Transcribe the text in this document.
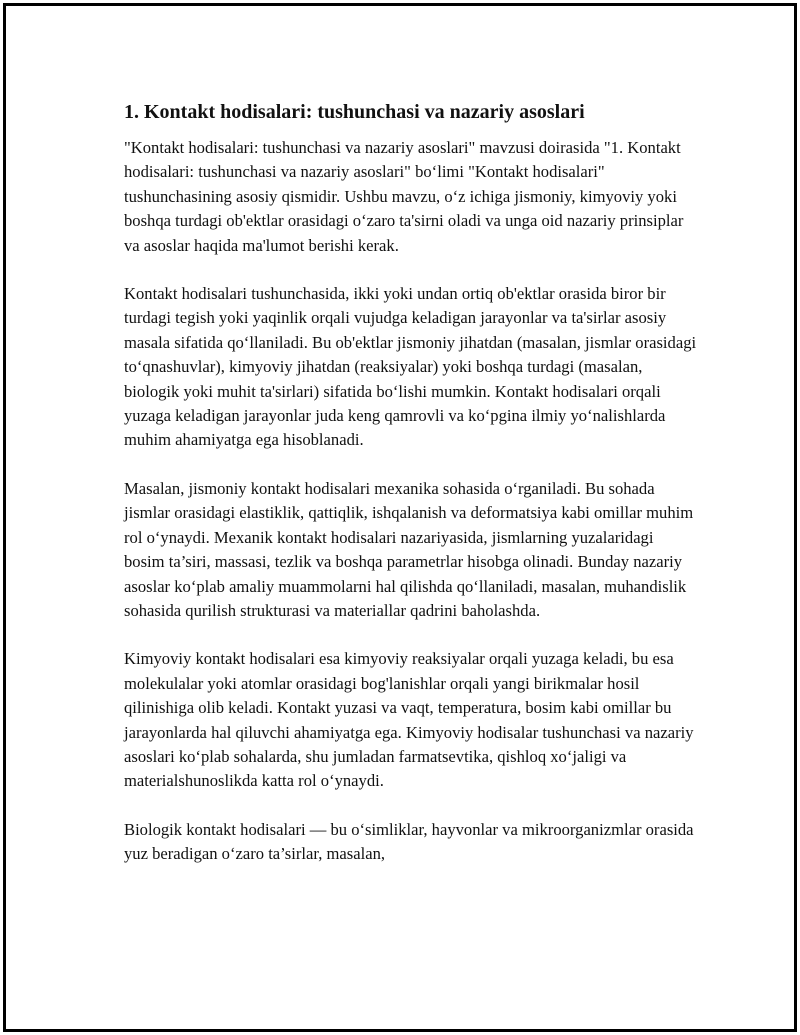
1. Kontakt hodisalari: tushunchasi va nazariy asoslari

"Kontakt hodisalari: tushunchasi va nazariy asoslari" mavzusi doirasida "1. Kontakt hodisalari: tushunchasi va nazariy asoslari" bo‘limi "Kontakt hodisalari" tushunchasining asosiy qismidir. Ushbu mavzu, o‘z ichiga jismoniy, kimyoviy yoki boshqa turdagi ob'ektlar orasidagi o‘zaro ta'sirni oladi va unga oid nazariy prinsiplar va asoslar haqida ma'lumot berishi kerak.

Kontakt hodisalari tushunchasida, ikki yoki undan ortiq ob'ektlar orasida biror bir turdagi tegish yoki yaqinlik orqali vujudga keladigan jarayonlar va ta'sirlar asosiy masala sifatida qo‘llaniladi. Bu ob'ektlar jismoniy jihatdan (masalan, jismlar orasidagi to‘qnashuvlar), kimyoviy jihatdan (reaksiyalar) yoki boshqa turdagi (masalan, biologik yoki muhit ta'sirlari) sifatida bo‘lishi mumkin. Kontakt hodisalari orqali yuzaga keladigan jarayonlar juda keng qamrovli va ko‘pgina ilmiy yo‘nalishlarda muhim ahamiyatga ega hisoblanadi.

Masalan, jismoniy kontakt hodisalari mexanika sohasida o‘rganiladi. Bu sohada jismlar orasidagi elastiklik, qattiqlik, ishqalanish va deformatsiya kabi omillar muhim rol o‘ynaydi. Mexanik kontakt hodisalari nazariyasida, jismlarning yuzalaridagi bosim ta’siri, massasi, tezlik va boshqa parametrlar hisobga olinadi. Bunday nazariy asoslar ko‘plab amaliy muammolarni hal qilishda qo‘llaniladi, masalan, muhandislik sohasida qurilish strukturasi va materiallar qadrini baholashda.

Kimyoviy kontakt hodisalari esa kimyoviy reaksiyalar orqali yuzaga keladi, bu esa molekulalar yoki atomlar orasidagi bog'lanishlar orqali yangi birikmalar hosil qilinishiga olib keladi. Kontakt yuzasi va vaqt, temperatura, bosim kabi omillar bu jarayonlarda hal qiluvchi ahamiyatga ega. Kimyoviy hodisalar tushunchasi va nazariy asoslari ko‘plab sohalarda, shu jumladan farmatsevtika, qishloq xo‘jaligi va materialshunoslikda katta rol o‘ynaydi.

Biologik kontakt hodisalari — bu o‘simliklar, hayvonlar va mikroorganizmlar orasida yuz beradigan o‘zaro ta’sirlar, masalan,
